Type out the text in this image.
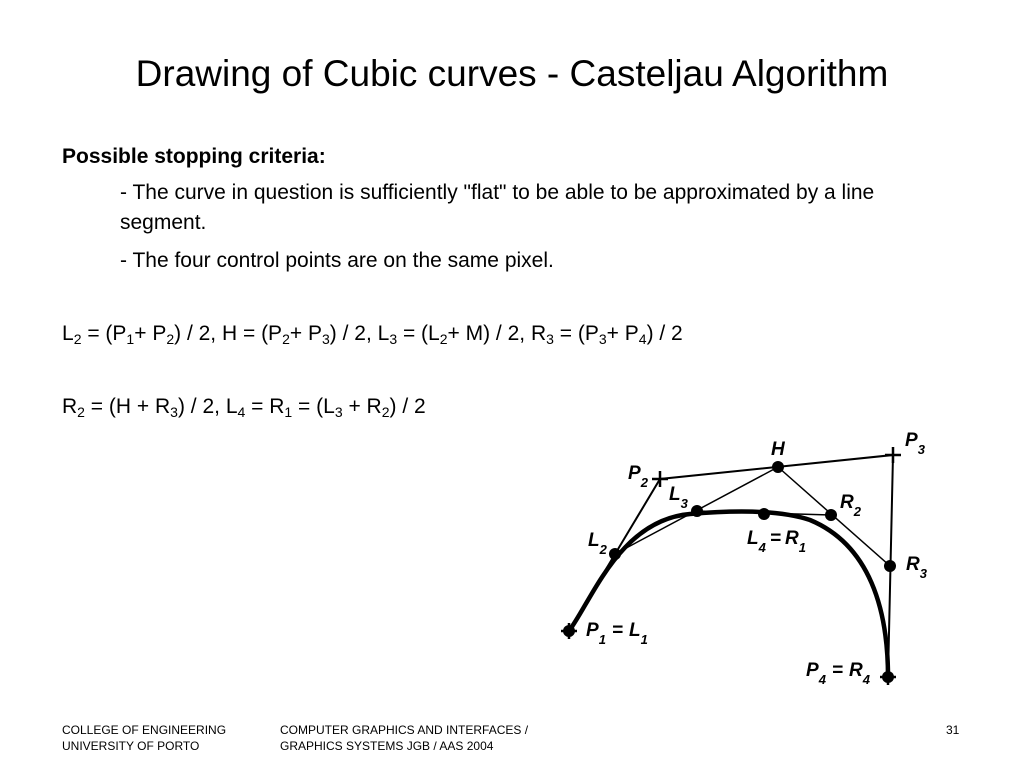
Drawing of Cubic curves - Casteljau Algorithm
Possible stopping criteria:
- The curve in question is sufficiently "flat" to be able to be approximated by a line segment.
- The four control points are on the same pixel.
$L_2 = (P_1+ P_2) / 2$, $H = (P_2+ P_3) / 2$, $L_3 = (L_2+ M) / 2$, $R_3 = (P_3+ P_4) / 2$
$R_2 = (H + R_3) / 2$, $L_4 = R_1 = (L_3 + R_2) / 2$
H	$P_3$
$P_2$
$L_3$	$R_2$
$L_2$
$L_4 = R_1$
$R_3$
$P_1 = L_1$
$P_4 = R_4$
COLLEGE OF ENGINEERING
UNIVERSITY OF PORTO
COMPUTER GRAPHICS AND INTERFACES /
GRAPHICS SYSTEMS JGB / AAS 2004
31
